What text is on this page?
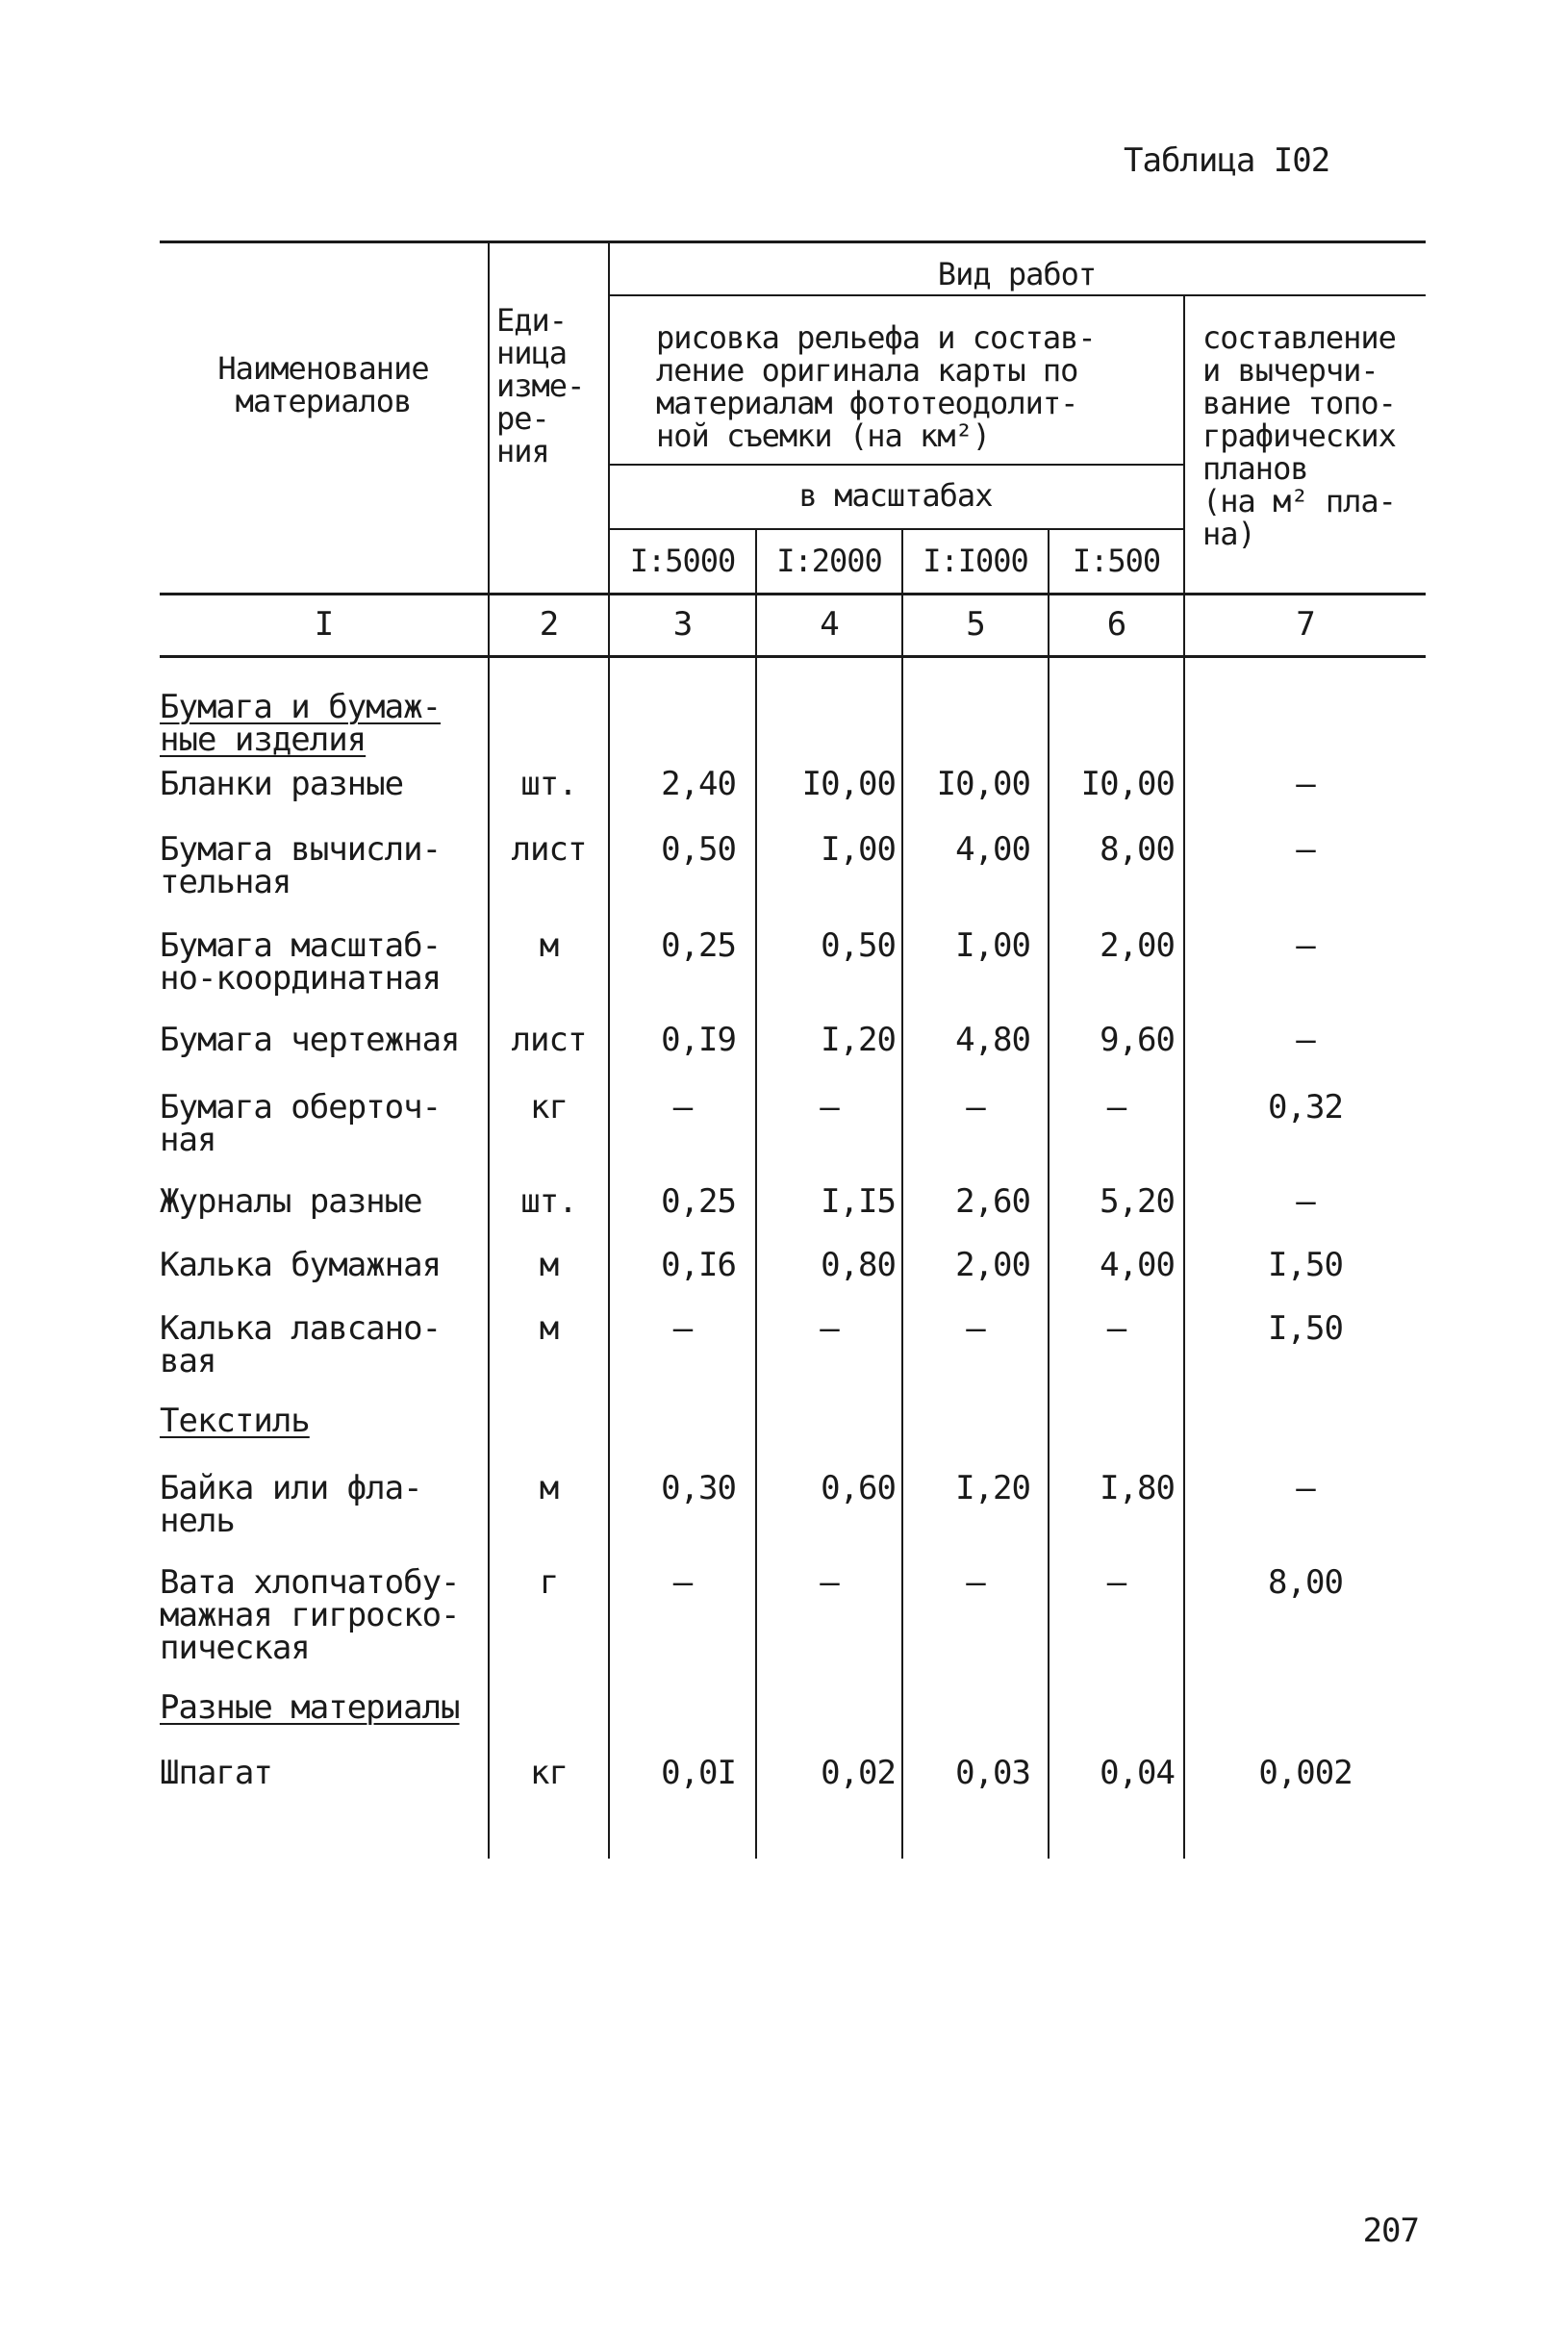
Таблица I02
Наименование
материалов
Еди-
ница
изме-
ре-
ния
Вид работ
рисовка рельефа и состав-
ление оригинала карты по
материалам фототеодолит-
ной съемки (на км²)
в масштабах
составление
и вычерчи-
вание топо-
графических
планов
(на м² пла-
на)
I:5000	I:2000	I:I000	I:500
I	2	3	4	5	6	7
Бумага и бумаж-
ные изделия
Бланки разные	шт.	2,40	I0,00	I0,00	I0,00	–
Бумага вычисли-
тельная
лист	0,50	I,00	4,00	8,00	–
Бумага масштаб-
но-координатная
м	0,25	0,50	I,00	2,00	–
Бумага чертежная	лист	0,I9	I,20	4,80	9,60	–
Бумага оберточ-
ная
кг	–	–	–	–	0,32
Журналы разные	шт.	0,25	I,I5	2,60	5,20	–
Калька бумажная	м	0,I6	0,80	2,00	4,00	I,50
Калька лавсано-
вая
м	–	–	–	–	I,50
Текстиль
Байка или фла-
нель
м	0,30	0,60	I,20	I,80	–
Вата хлопчатобу-
мажная гигроско-
пическая
г	–	–	–	–	8,00
Разные материалы
Шпагат	кг	0,0I	0,02	0,03	0,04	0,002
207
